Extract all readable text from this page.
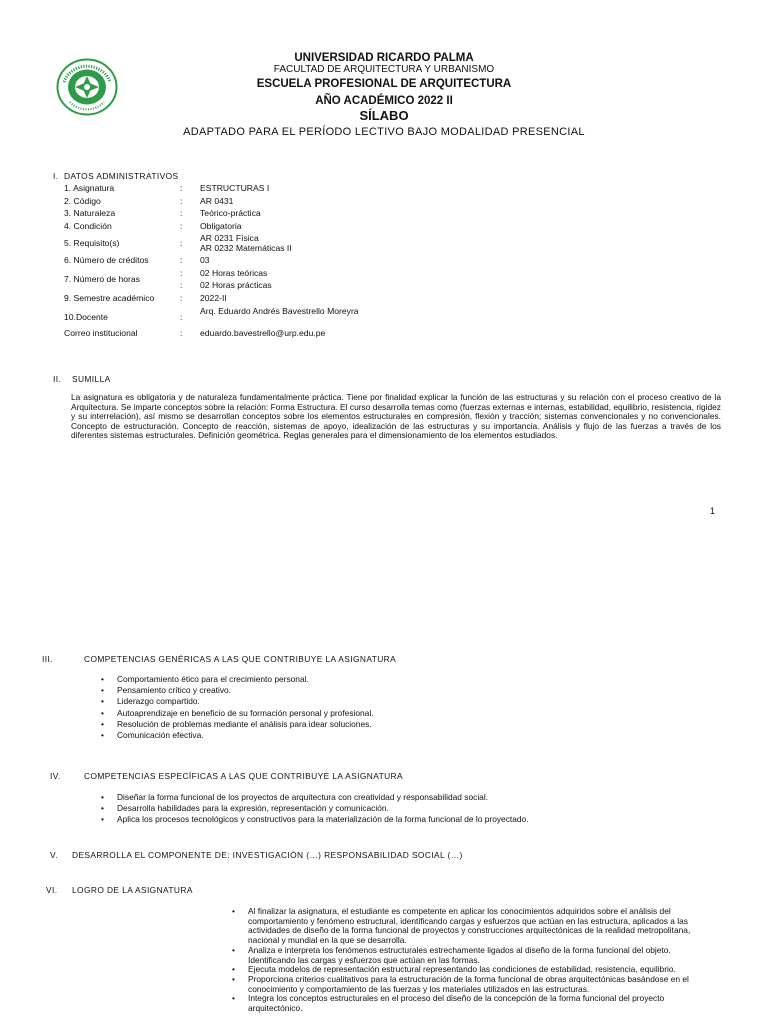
UNIVERSIDAD RICARDO PALMA
FACULTAD DE ARQUITECTURA Y URBANISMO
ESCUELA PROFESIONAL DE ARQUITECTURA
AÑO ACADÉMICO 2022 II
SÍLABO
ADAPTADO PARA EL PERÍODO LECTIVO BAJO MODALIDAD PRESENCIAL
I. DATOS ADMINISTRATIVOS
1. Asignatura	: ESTRUCTURAS I
2. Código	: AR 0431
3. Naturaleza	: Teórico-práctica
4. Condición	: Obligatoria
5. Requisito(s)	: AR 0231 Física
AR 0232 Matemáticas II
6. Número de créditos	: 03
7. Número de horas
: 02 Horas teóricas
: 02 Horas prácticas
9. Semestre académico	: 2022-II
10.Docente	:
Arq. Eduardo Andrés Bavestrello Moreyra
Correo institucional	: eduardo.bavestrello@urp.edu.pe
II. SUMILLA
La asignatura es obligatoria y de naturaleza fundamentalmente práctica. Tiene por finalidad explicar la función de las estructuras y su relación con el proceso creativo de la Arquitectura. Se imparte conceptos sobre la relación: Forma Estructura. El curso desarrolla temas como (fuerzas externas e internas, estabilidad, equilibrio, resistencia, rigidez y su interrelación), así mismo se desarrollan conceptos sobre los elementos estructurales en compresión, flexión y tracción; sistemas convencionales y no convencionales. Concepto de estructuración. Concepto de reacción, sistemas de apoyo, idealización de las estructuras y su importancia. Análisis y flujo de las fuerzas a través de los diferentes sistemas estructurales. Definición geométrica. Reglas generales para el dimensionamiento de los elementos estudiados.
1
III.	COMPETENCIAS GENÉRICAS A LAS QUE CONTRIBUYE LA ASIGNATURA
• Comportamiento ético para el crecimiento personal.
• Pensamiento crítico y creativo.
• Liderazgo compartido.
• Autoaprendizaje en beneficio de su formación personal y profesional.
• Resolución de problemas mediante el análisis para idear soluciones.
• Comunicación efectiva.
IV.	COMPETENCIAS ESPECÍFICAS A LAS QUE CONTRIBUYE LA ASIGNATURA
• Diseñar la forma funcional de los proyectos de arquitectura con creatividad y responsabilidad social.
• Desarrolla habilidades para la expresión, representación y comunicación.
• Aplica los procesos tecnológicos y constructivos para la materialización de la forma funcional de lo proyectado.
V. DESARROLLA EL COMPONENTE DE: INVESTIGACIÓN (…) RESPONSABILIDAD SOCIAL (…)
VI. LOGRO DE LA ASIGNATURA
• Al finalizar la asignatura, el estudiante es competente en aplicar los conocimientos adquiridos sobre el análisis del comportamiento y fenómeno estructural, identificando cargas y esfuerzos que actúan en las estructura, aplicados a las actividades de diseño de la forma funcional de proyectos y construcciones arquitectónicas de la realidad metropolitana, nacional y mundial en la que se desarrolla.
• Analiza e interpreta los fenómenos estructurales estrechamente ligados al diseño de la forma funcional del objeto. Identificando las cargas y esfuerzos que actúan en las formas.
• Ejecuta modelos de representación estructural representando las condiciones de estabilidad, resistencia, equilibrio.
• Proporciona criterios cualitativos para la estructuración de la forma funcional de obras arquitectónicas basándose en el conocimiento y comportamiento de las fuerzas y los materiales utilizados en las estructuras.
• Integra los conceptos estructurales en el proceso del diseño de la concepción de la forma funcional del proyecto arquitectónico.
